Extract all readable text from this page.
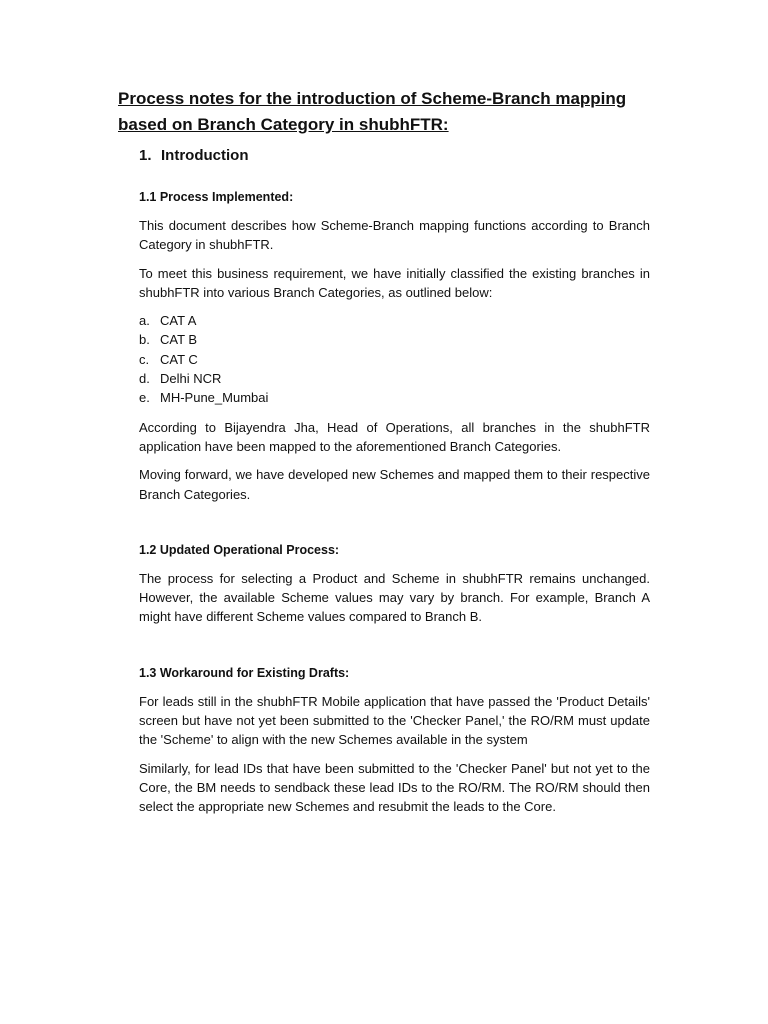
Process notes for the introduction of Scheme-Branch mapping based on Branch Category in shubhFTR:
1. Introduction
1.1 Process Implemented:

This document describes how Scheme-Branch mapping functions according to Branch Category in shubhFTR.

To meet this business requirement, we have initially classified the existing branches in shubhFTR into various Branch Categories, as outlined below:

a. CAT A
b. CAT B
c. CAT C
d. Delhi NCR
e. MH-Pune_Mumbai

According to Bijayendra Jha, Head of Operations, all branches in the shubhFTR application have been mapped to the aforementioned Branch Categories.

Moving forward, we have developed new Schemes and mapped them to their respective Branch Categories.

1.2 Updated Operational Process:

The process for selecting a Product and Scheme in shubhFTR remains unchanged. However, the available Scheme values may vary by branch. For example, Branch A might have different Scheme values compared to Branch B.

1.3 Workaround for Existing Drafts:

For leads still in the shubhFTR Mobile application that have passed the 'Product Details' screen but have not yet been submitted to the 'Checker Panel,' the RO/RM must update the 'Scheme' to align with the new Schemes available in the system

Similarly, for lead IDs that have been submitted to the 'Checker Panel' but not yet to the Core, the BM needs to sendback these lead IDs to the RO/RM. The RO/RM should then select the appropriate new Schemes and resubmit the leads to the Core.
